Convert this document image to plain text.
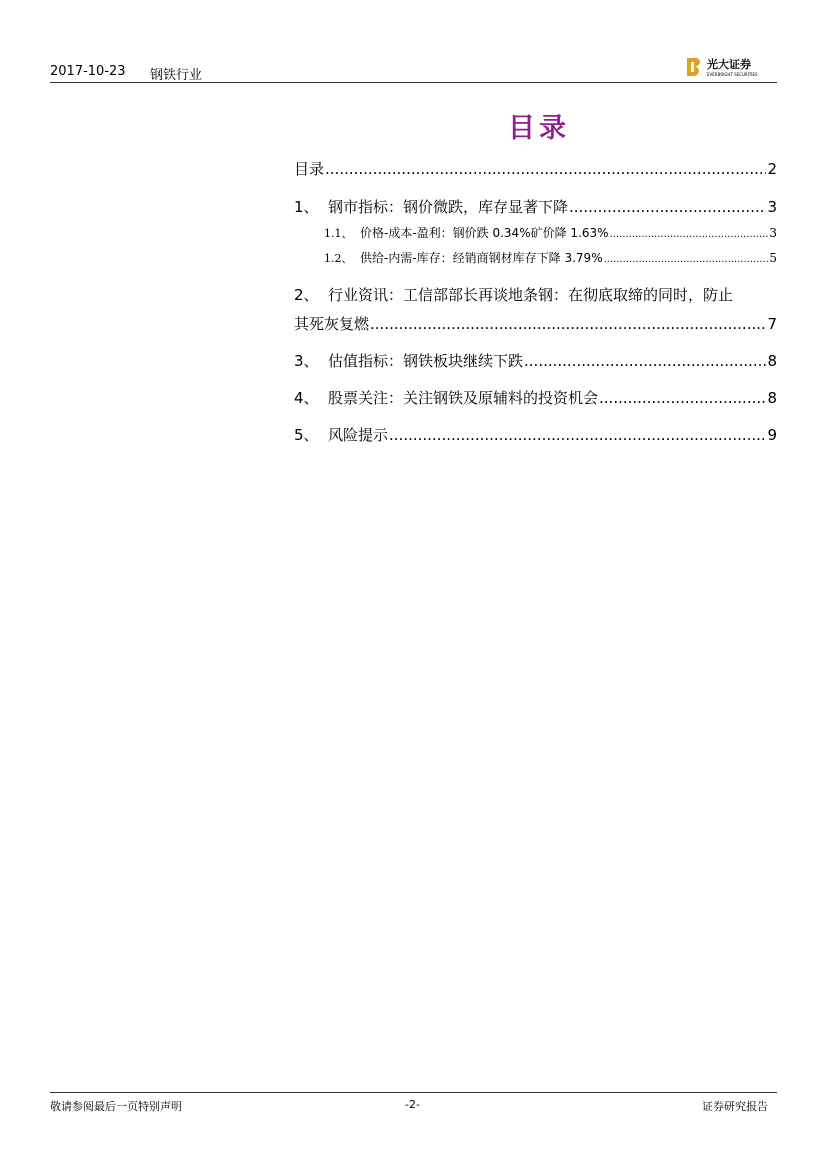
2017-10-23 钢铁行业
光大证券
EVERBRIGHT SECURITIES
目录
目录 .....	2
1、 钢市指标：钢价微跌，库存显著下降 .....	3
1.1、 价格-成本-盈利：钢价跌 0.34%矿价降 1.63% .....	3
1.2、 供给-内需-库存：经销商钢材库存下降 3.79% .....	5
2、 行业资讯：工信部部长再谈地条钢：在彻底取缔的同时，防止
其死灰复燃 .....	7
3、 估值指标：钢铁板块继续下跌 .....	8
4、 股票关注：关注钢铁及原辅料的投资机会 .....	8
5、 风险提示 .....	9
敬请参阅最后一页特别声明	-2-	证券研究报告
